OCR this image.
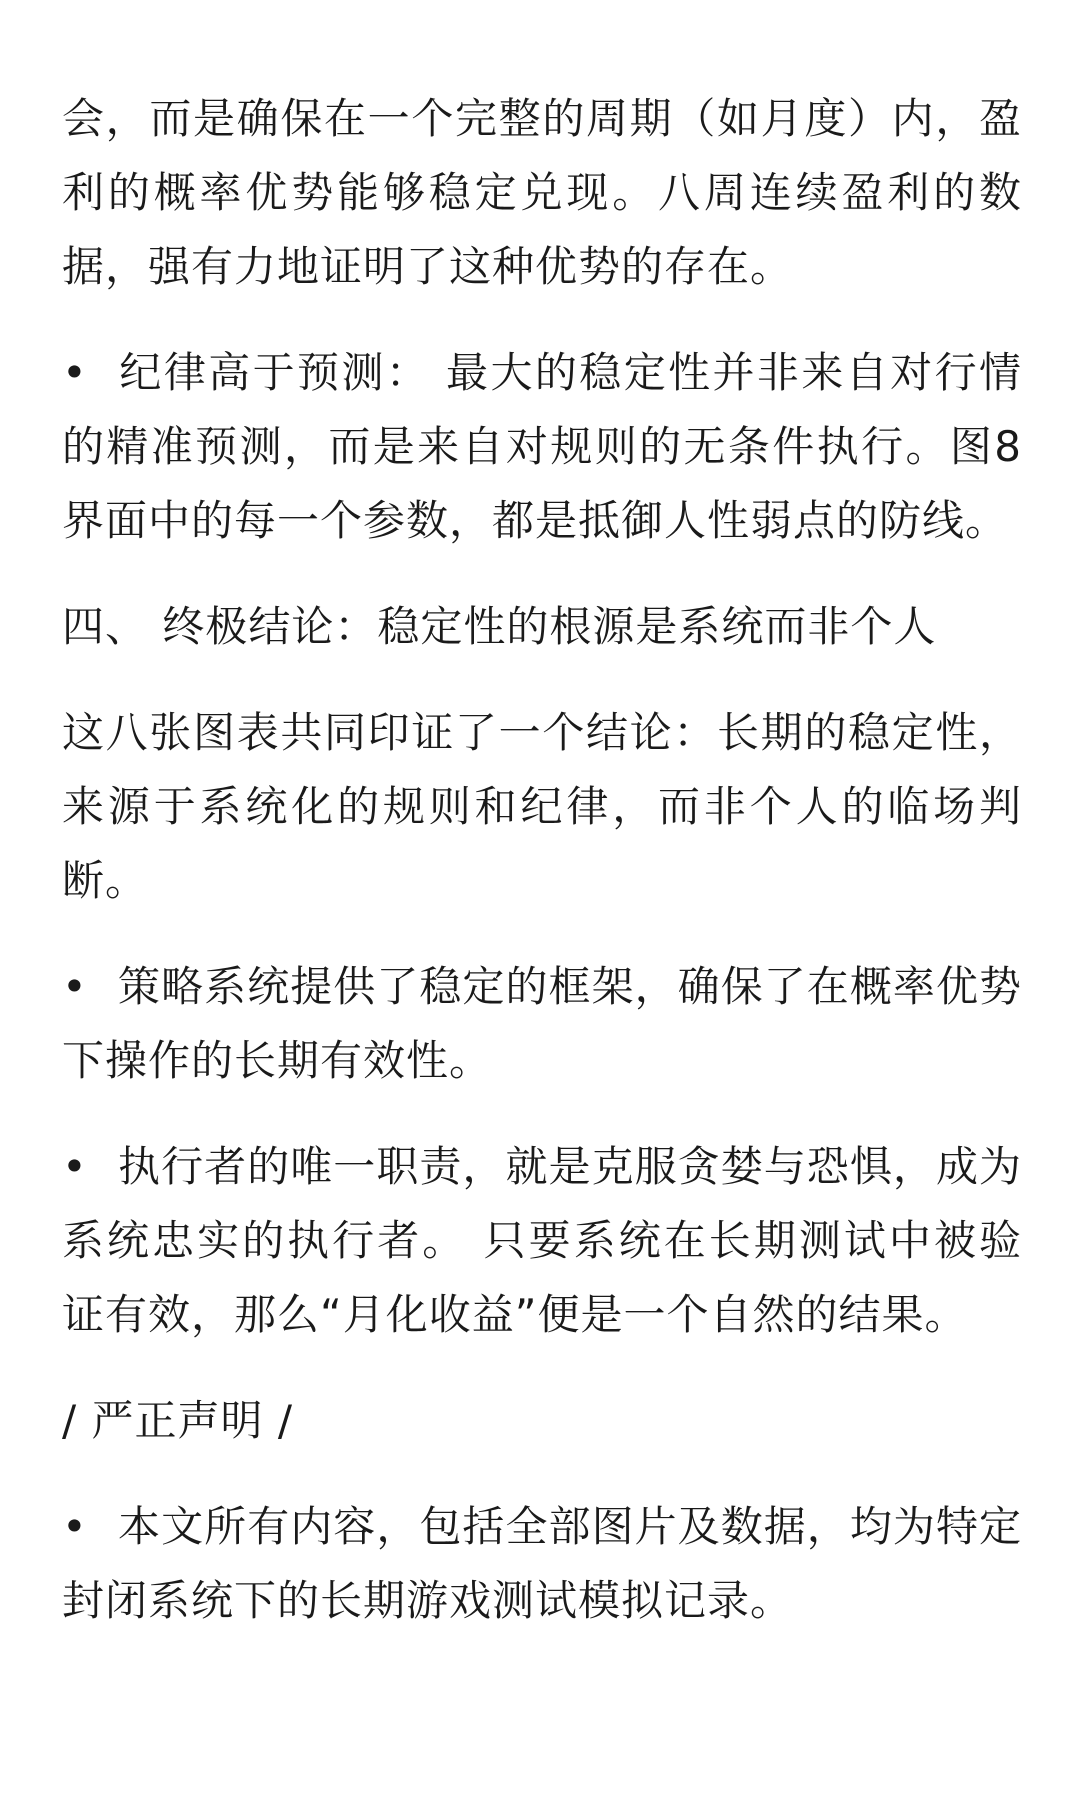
会，而是确保在一个完整的周期（如月度）内，盈利的概率优势能够稳定兑现。八周连续盈利的数据，强有力地证明了这种优势的存在。

• 纪律高于预测： 最大的稳定性并非来自对行情的精准预测，而是来自对规则的无条件执行。图8界面中的每一个参数，都是抵御人性弱点的防线。

四、 终极结论：稳定性的根源是系统而非个人

这八张图表共同印证了一个结论：长期的稳定性，来源于系统化的规则和纪律，而非个人的临场判断。

• 策略系统提供了稳定的框架，确保了在概率优势下操作的长期有效性。

• 执行者的唯一职责，就是克服贪婪与恐惧，成为系统忠实的执行者。 只要系统在长期测试中被验证有效，那么“月化收益”便是一个自然的结果。

/ 严正声明 /

• 本文所有内容，包括全部图片及数据，均为特定封闭系统下的长期游戏测试模拟记录。
